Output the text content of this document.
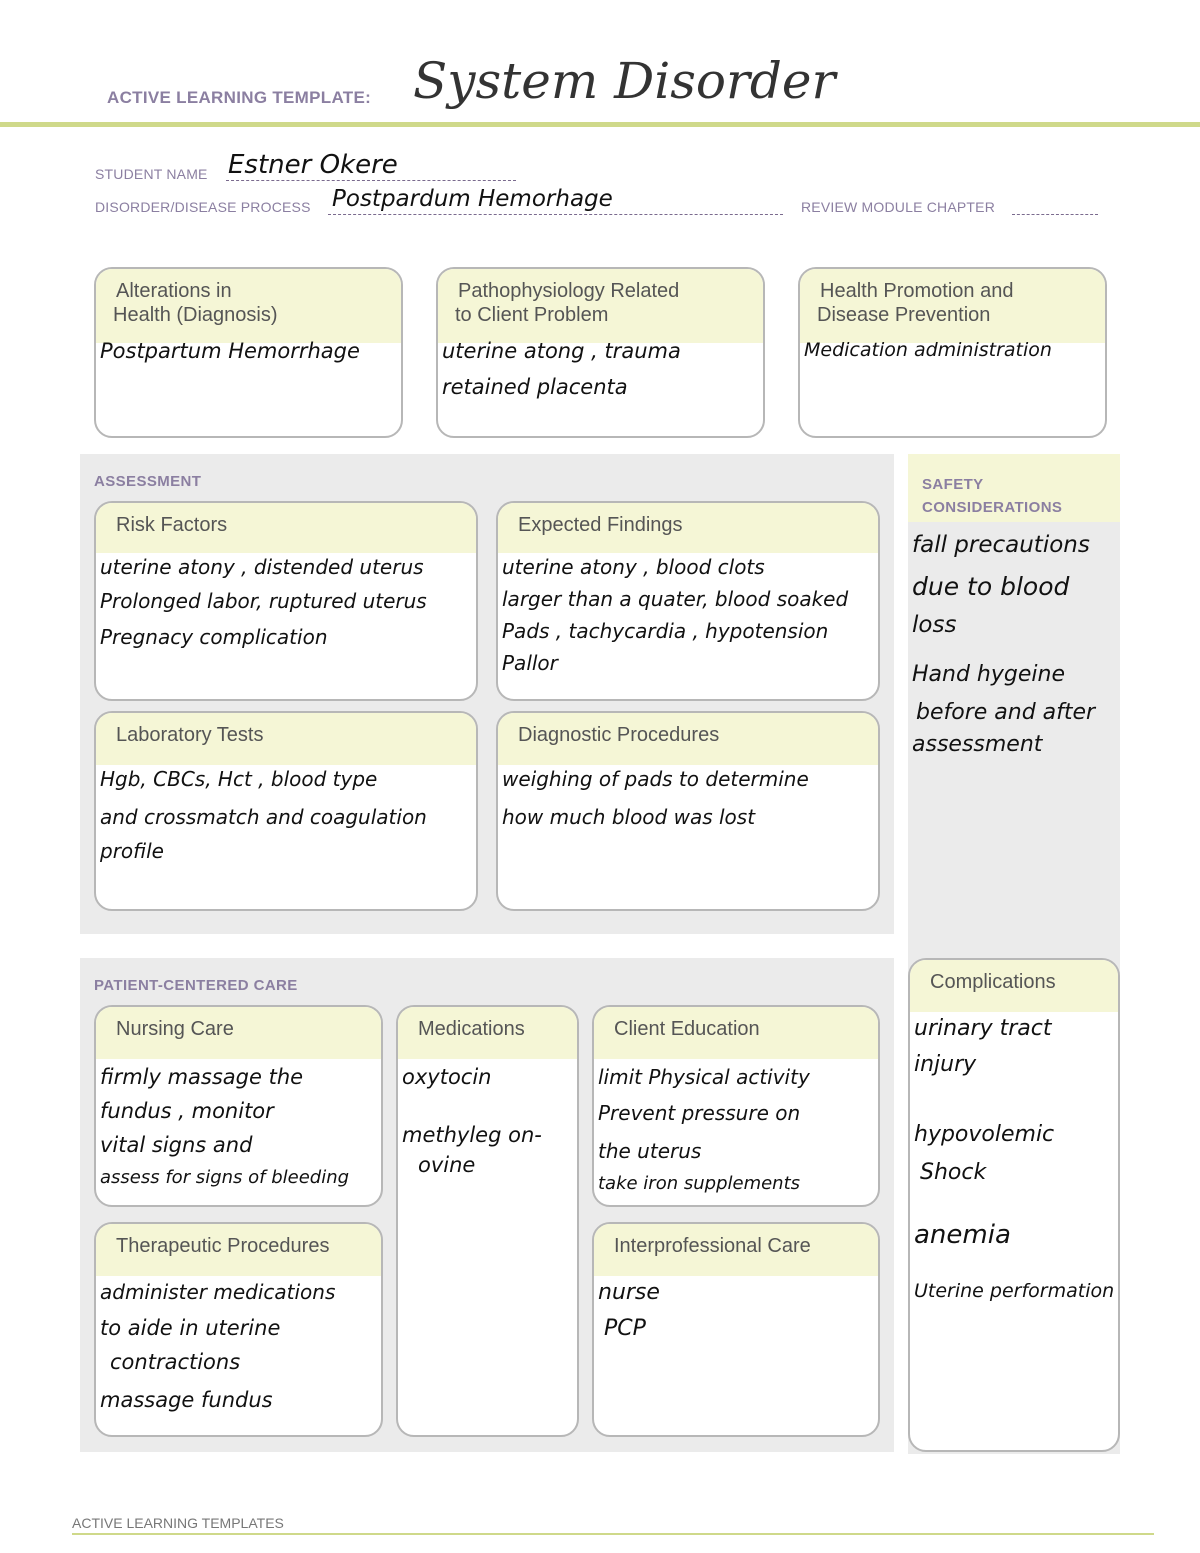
ACTIVE LEARNING TEMPLATE: System Disorder
STUDENT NAME Estner Okere
DISORDER/DISEASE PROCESS Postpardum Hemorhage	REVIEW MODULE CHAPTER
Alterations in
Health (Diagnosis)
Postpartum Hemorrhage
Pathophysiology Related
to Client Problem
uterine atong , trauma
retained placenta
Health Promotion and
Disease Prevention
Medication administration
ASSESSMENT
Risk Factors
uterine atony , distended uterus
Prolonged labor, ruptured uterus
Pregnacy complication
Expected Findings
uterine atony , blood clots
larger than a quater, blood soaked
Pads , tachycardia , hypotension
Pallor
Laboratory Tests
Hgb, CBCs, Hct , blood type
and crossmatch and coagulation
profile
Diagnostic Procedures
weighing of pads to determine
how much blood was lost
SAFETY
CONSIDERATIONS
fall precautions
due to blood
loss
Hand hygeine
before and after
assessment
PATIENT-CENTERED CARE
Nursing Care
firmly massage the
fundus , monitor
vital signs and
assess for signs of bleeding
Medications
oxytocin
methyleg on-
ovine
Client Education
limit Physical activity
Prevent pressure on
the uterus
take iron supplements
Therapeutic Procedures
administer medications
to aide in uterine
contractions
massage fundus
Interprofessional Care
nurse
PCP
Complications
urinary tract
injury
hypovolemic
Shock
anemia
Uterine performation
ACTIVE LEARNING TEMPLATES
